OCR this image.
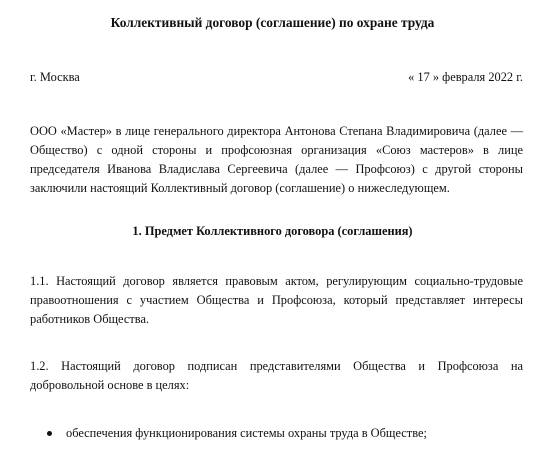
Коллективный договор (соглашение) по охране труда
г. Москва	« 17 » февраля 2022 г.
ООО «Мастер» в лице генерального директора Антонова Степана Владимировича (далее — Общество) с одной стороны и профсоюзная организация «Союз мастеров» в лице председателя Иванова Владислава Сергеевича (далее — Профсоюз) с другой стороны заключили настоящий Коллективный договор (соглашение) о нижеследующем.
1. Предмет Коллективного договора (соглашения)
1.1. Настоящий договор является правовым актом, регулирующим социально-трудовые правоотношения с участием Общества и Профсоюза, который представляет интересы работников Общества.
1.2. Настоящий договор подписан представителями Общества и Профсоюза на добровольной основе в целях:
обеспечения функционирования системы охраны труда в Обществе;
